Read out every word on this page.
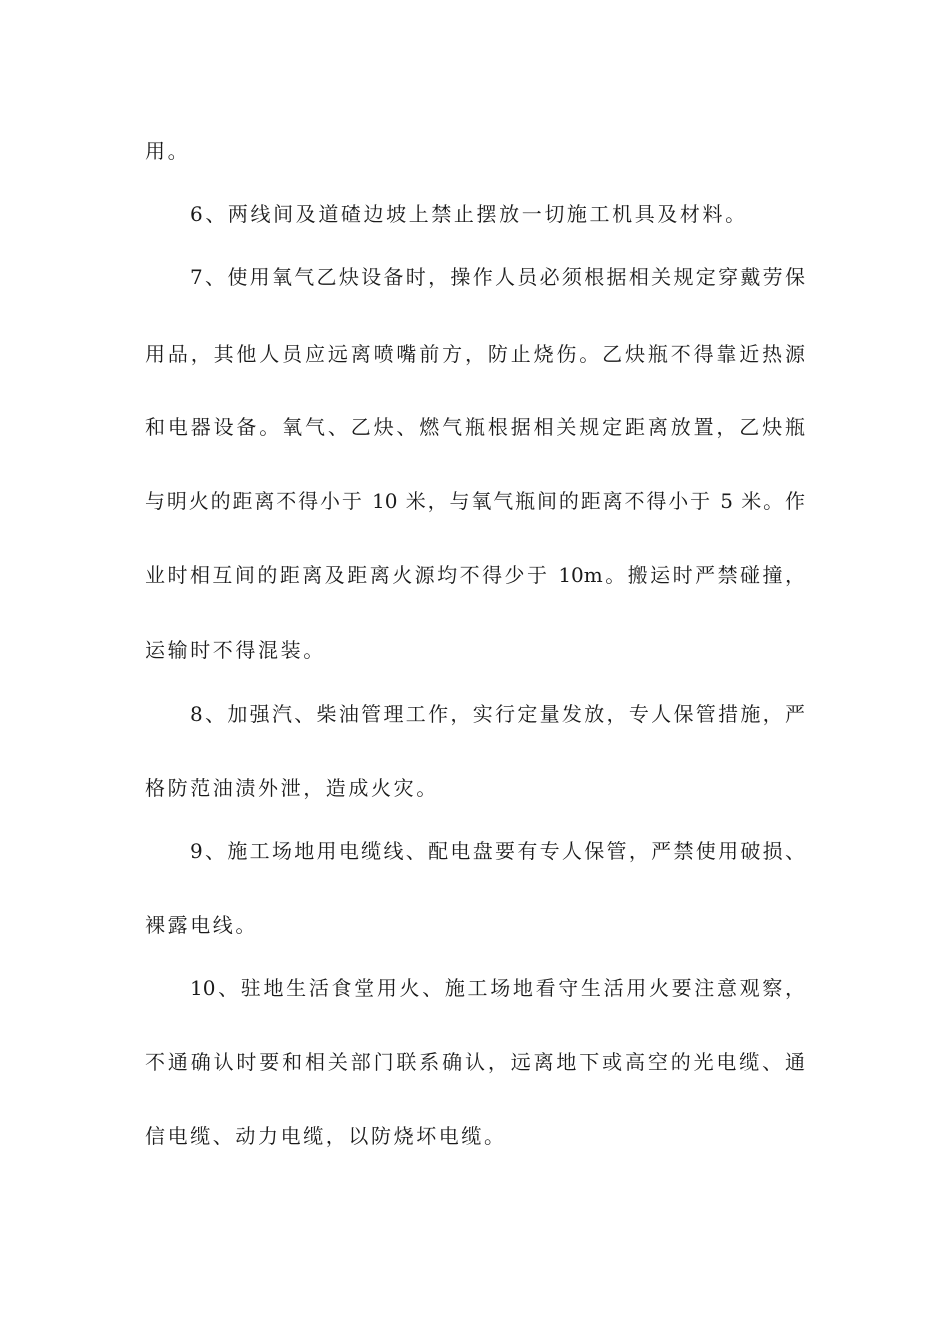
用。
6、两线间及道碴边坡上禁止摆放一切施工机具及材料。
7、使用氧气乙炔设备时，操作人员必须根据相关规定穿戴劳保
用品，其他人员应远离喷嘴前方，防止烧伤。乙炔瓶不得靠近热源
和电器设备。氧气、乙炔、燃气瓶根据相关规定距离放置，乙炔瓶
与明火的距离不得小于 10 米，与氧气瓶间的距离不得小于 5 米。作
业时相互间的距离及距离火源均不得少于 10m。搬运时严禁碰撞，
运输时不得混装。
8、加强汽、柴油管理工作，实行定量发放，专人保管措施，严
格防范油渍外泄，造成火灾。
9、施工场地用电缆线、配电盘要有专人保管，严禁使用破损、
裸露电线。
10、驻地生活食堂用火、施工场地看守生活用火要注意观察，
不通确认时要和相关部门联系确认，远离地下或高空的光电缆、通
信电缆、动力电缆，以防烧坏电缆。
